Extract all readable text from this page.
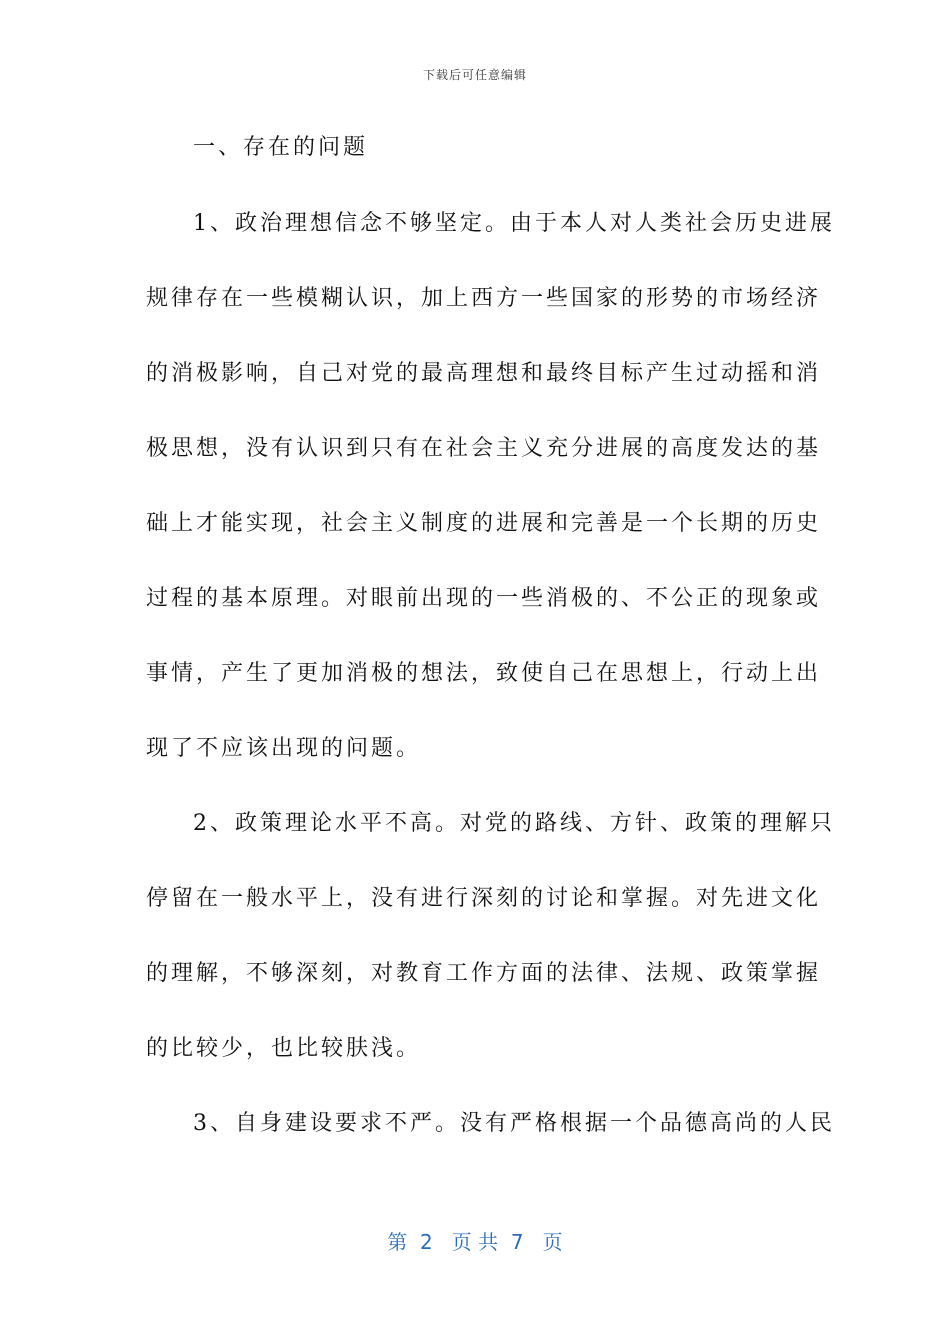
下载后可任意编辑
一、存在的问题
1、政治理想信念不够坚定。由于本人对人类社会历史进展
规律存在一些模糊认识，加上西方一些国家的形势的市场经济
的消极影响，自己对党的最高理想和最终目标产生过动摇和消
极思想，没有认识到只有在社会主义充分进展的高度发达的基
础上才能实现，社会主义制度的进展和完善是一个长期的历史
过程的基本原理。对眼前出现的一些消极的、不公正的现象或
事情，产生了更加消极的想法，致使自己在思想上，行动上出
现了不应该出现的问题。
2、政策理论水平不高。对党的路线、方针、政策的理解只
停留在一般水平上，没有进行深刻的讨论和掌握。对先进文化
的理解，不够深刻，对教育工作方面的法律、法规、政策掌握
的比较少，也比较肤浅。
3、自身建设要求不严。没有严格根据一个品德高尚的人民
第  2   页 共  7   页
